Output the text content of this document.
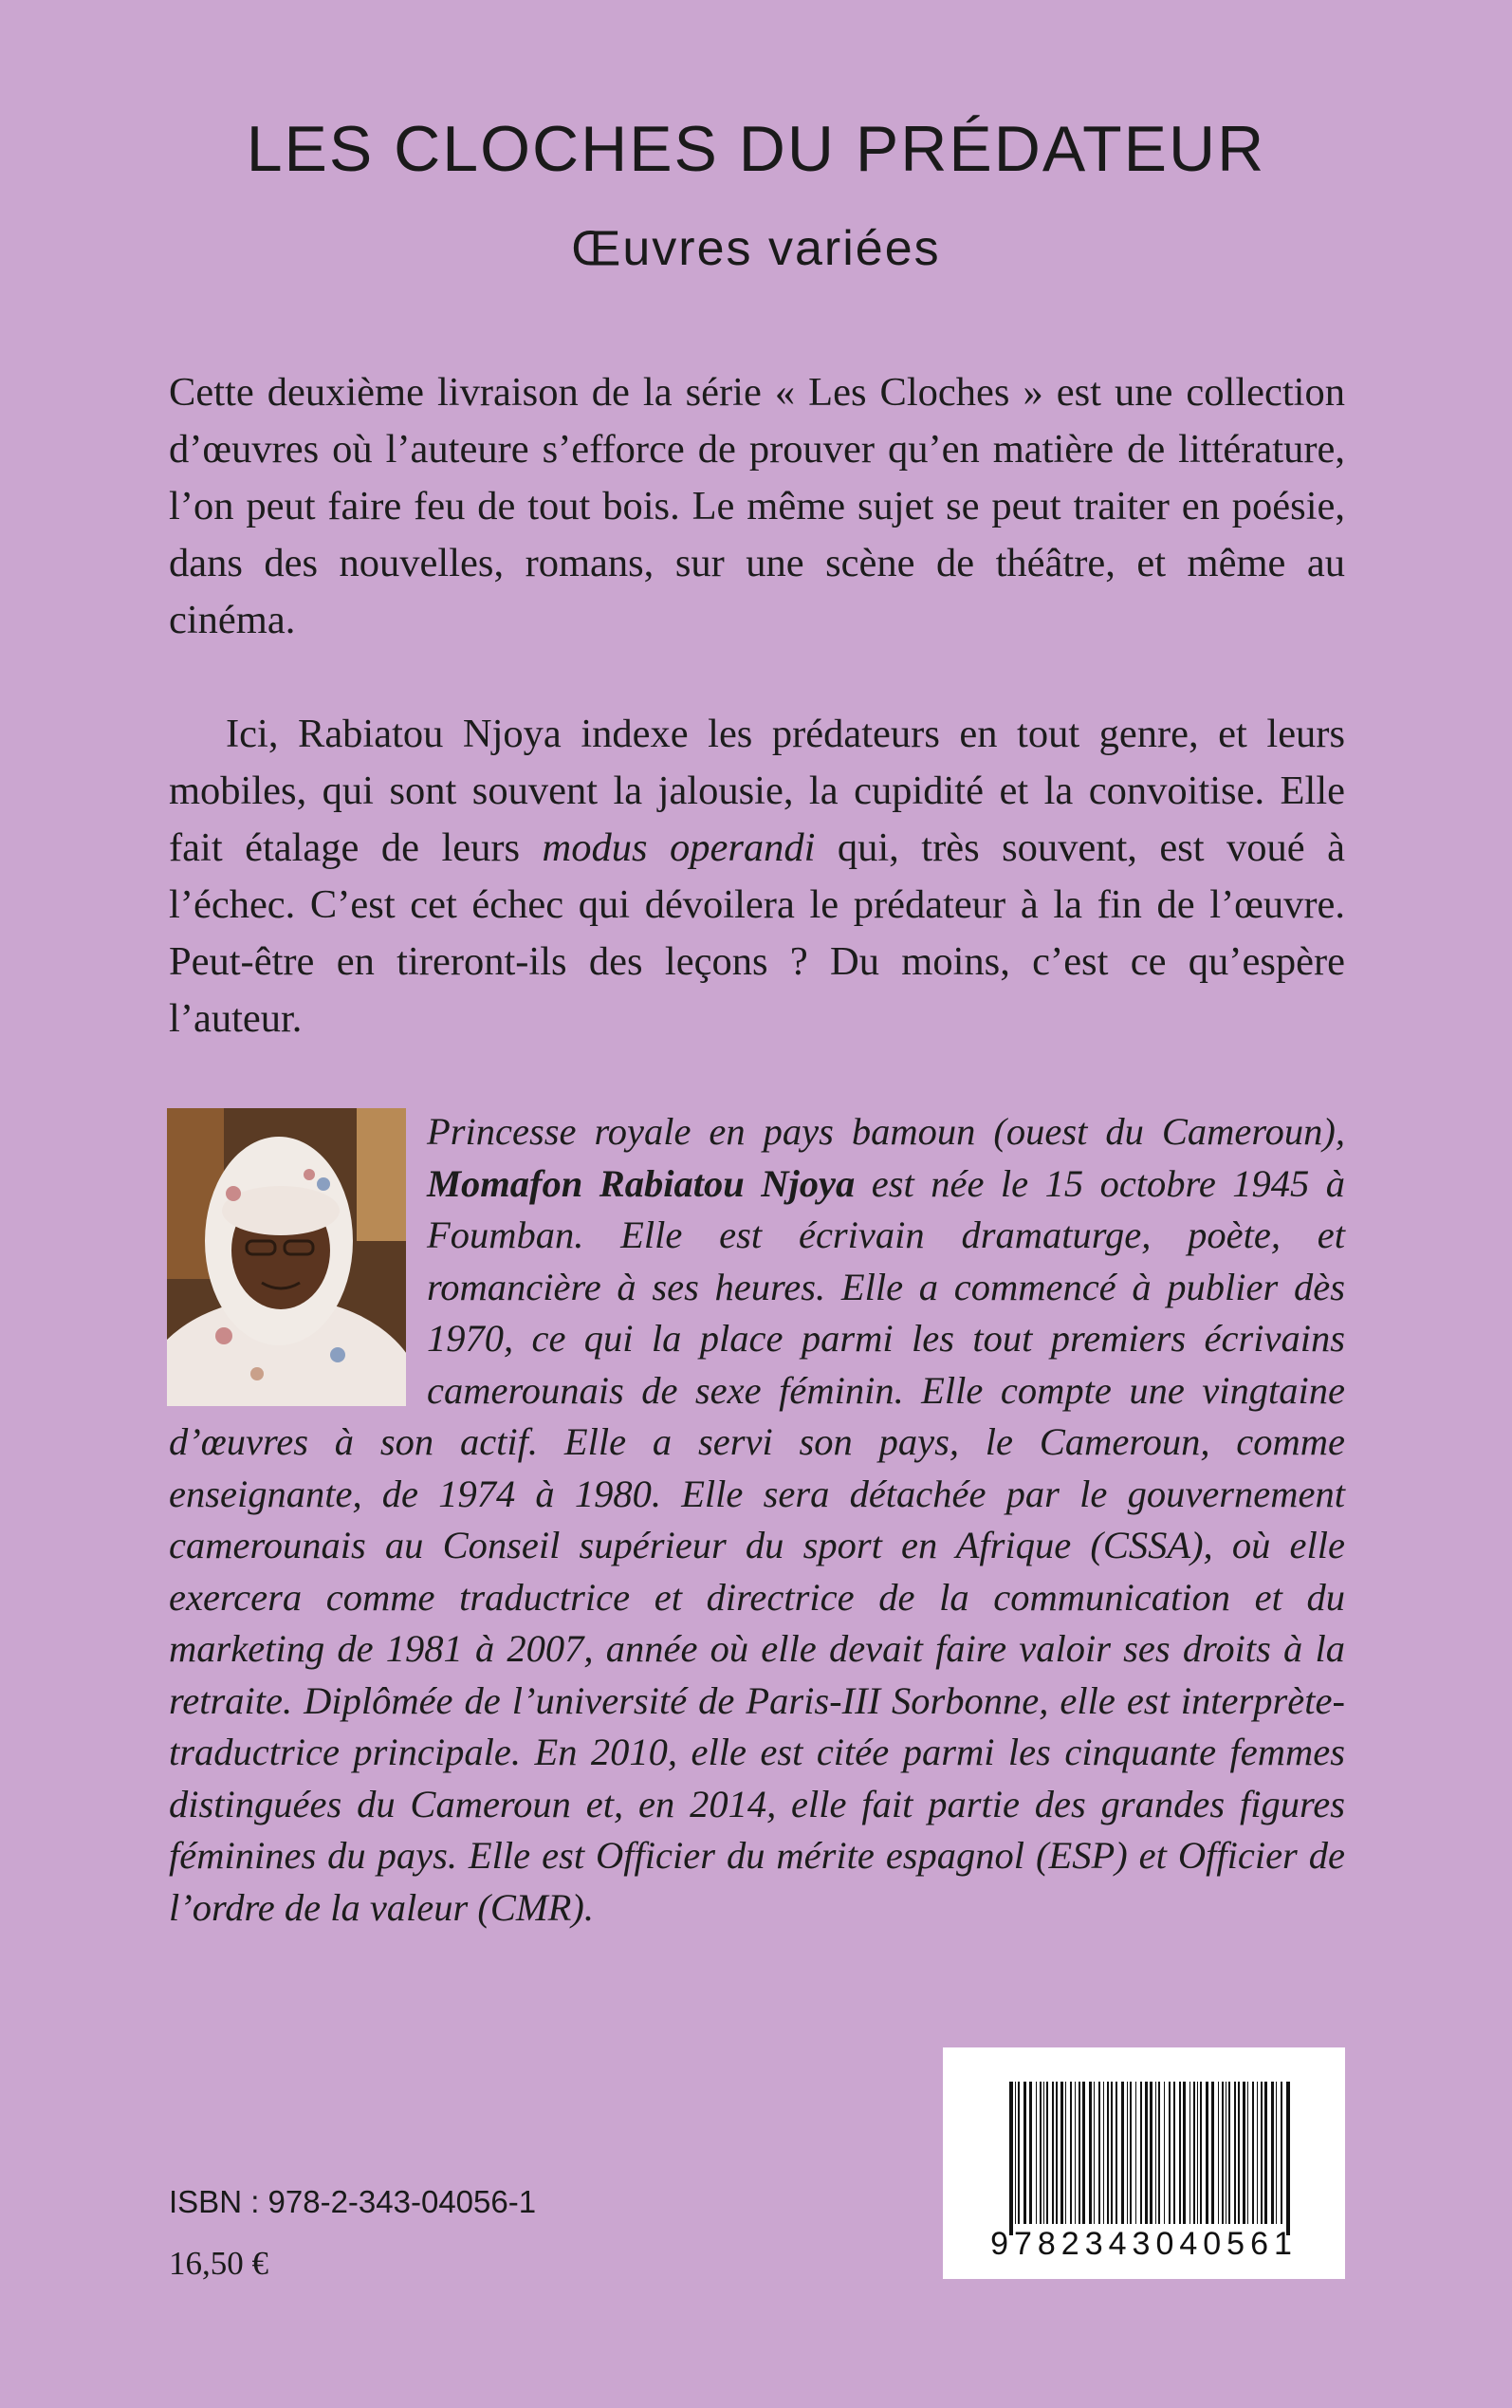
LES CLOCHES DU PRÉDATEUR
Œuvres variées

Cette deuxième livraison de la série « Les Cloches » est une collection d’œuvres où l’auteure s’efforce de prouver qu’en matière de littérature, l’on peut faire feu de tout bois. Le même sujet se peut traiter en poésie, dans des nouvelles, romans, sur une scène de théâtre, et même au cinéma.

Ici, Rabiatou Njoya indexe les prédateurs en tout genre, et leurs mobiles, qui sont souvent la jalousie, la cupidité et la convoitise. Elle fait étalage de leurs modus operandi qui, très souvent, est voué à l’échec. C’est cet échec qui dévoilera le prédateur à la fin de l’œuvre. Peut-être en tireront-ils des leçons ? Du moins, c’est ce qu’espère l’auteur.

Princesse royale en pays bamoun (ouest du Cameroun), Momafon Rabiatou Njoya est née le 15 octobre 1945 à Foumban. Elle est écrivain dramaturge, poète, et romancière à ses heures. Elle a commencé à publier dès 1970, ce qui la place parmi les tout premiers écrivains camerounais de sexe féminin. Elle compte une vingtaine d’œuvres à son actif. Elle a servi son pays, le Cameroun, comme enseignante, de 1974 à 1980. Elle sera détachée par le gouvernement camerounais au Conseil supérieur du sport en Afrique (CSSA), où elle exercera comme traductrice et directrice de la communication et du marketing de 1981 à 2007, année où elle devait faire valoir ses droits à la retraite. Diplômée de l’université de Paris-III Sorbonne, elle est interprète-traductrice principale. En 2010, elle est citée parmi les cinquante femmes distinguées du Cameroun et, en 2014, elle fait partie des grandes figures féminines du pays. Elle est Officier du mérite espagnol (ESP) et Officier de l’ordre de la valeur (CMR).

ISBN : 978-2-343-04056-1
16,50 €
9782343040561
